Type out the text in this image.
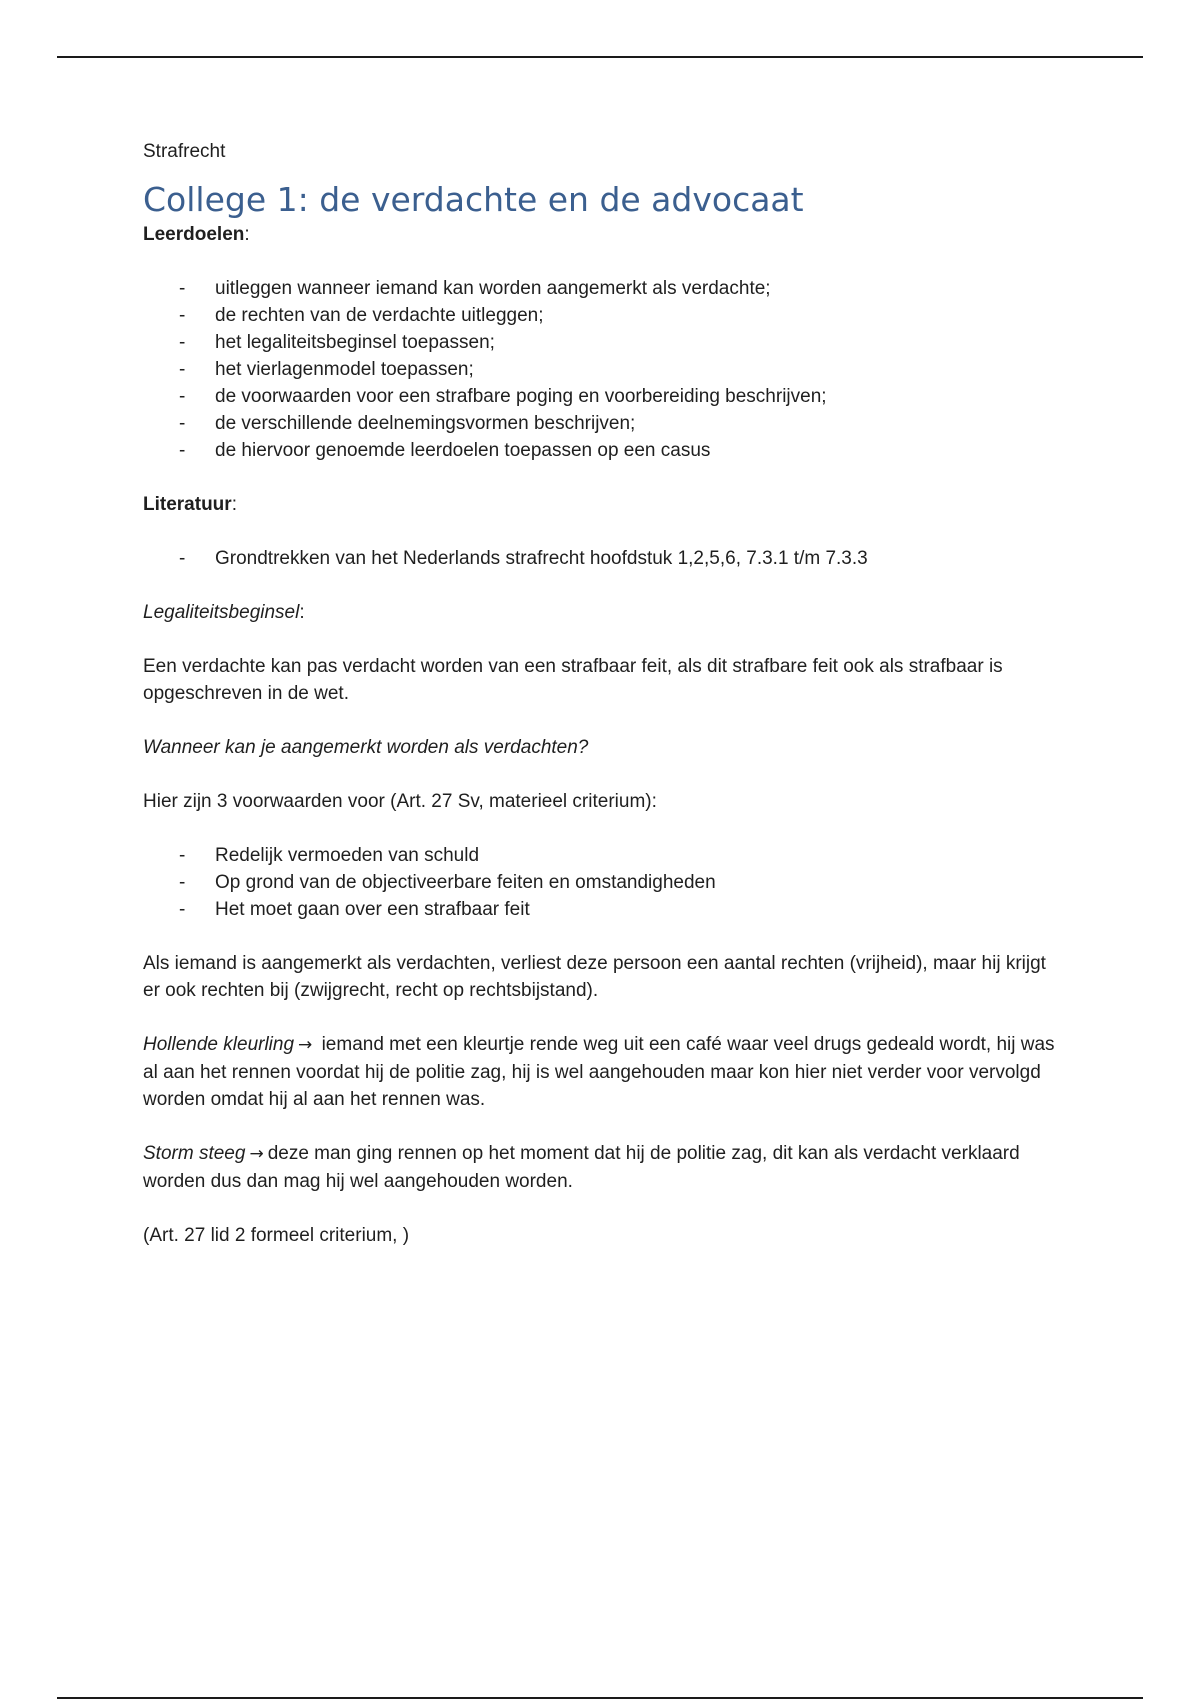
Strafrecht

College 1: de verdachte en de advocaat

Leerdoelen:

- uitleggen wanneer iemand kan worden aangemerkt als verdachte;
- de rechten van de verdachte uitleggen;
- het legaliteitsbeginsel toepassen;
- het vierlagenmodel toepassen;
- de voorwaarden voor een strafbare poging en voorbereiding beschrijven;
- de verschillende deelnemingsvormen beschrijven;
- de hiervoor genoemde leerdoelen toepassen op een casus

Literatuur:

- Grondtrekken van het Nederlands strafrecht hoofdstuk 1,2,5,6, 7.3.1 t/m 7.3.3

Legaliteitsbeginsel:

Een verdachte kan pas verdacht worden van een strafbaar feit, als dit strafbare feit ook als strafbaar is opgeschreven in de wet.

Wanneer kan je aangemerkt worden als verdachten?

Hier zijn 3 voorwaarden voor (Art. 27 Sv, materieel criterium):

- Redelijk vermoeden van schuld
- Op grond van de objectiveerbare feiten en omstandigheden
- Het moet gaan over een strafbaar feit

Als iemand is aangemerkt als verdachten, verliest deze persoon een aantal rechten (vrijheid), maar hij krijgt er ook rechten bij (zwijgrecht, recht op rechtsbijstand).

Hollende kleurling → iemand met een kleurtje rende weg uit een café waar veel drugs gedeald wordt, hij was al aan het rennen voordat hij de politie zag, hij is wel aangehouden maar kon hier niet verder voor vervolgd worden omdat hij al aan het rennen was.

Storm steeg → deze man ging rennen op het moment dat hij de politie zag, dit kan als verdacht verklaard worden dus dan mag hij wel aangehouden worden.

(Art. 27 lid 2 formeel criterium, )
